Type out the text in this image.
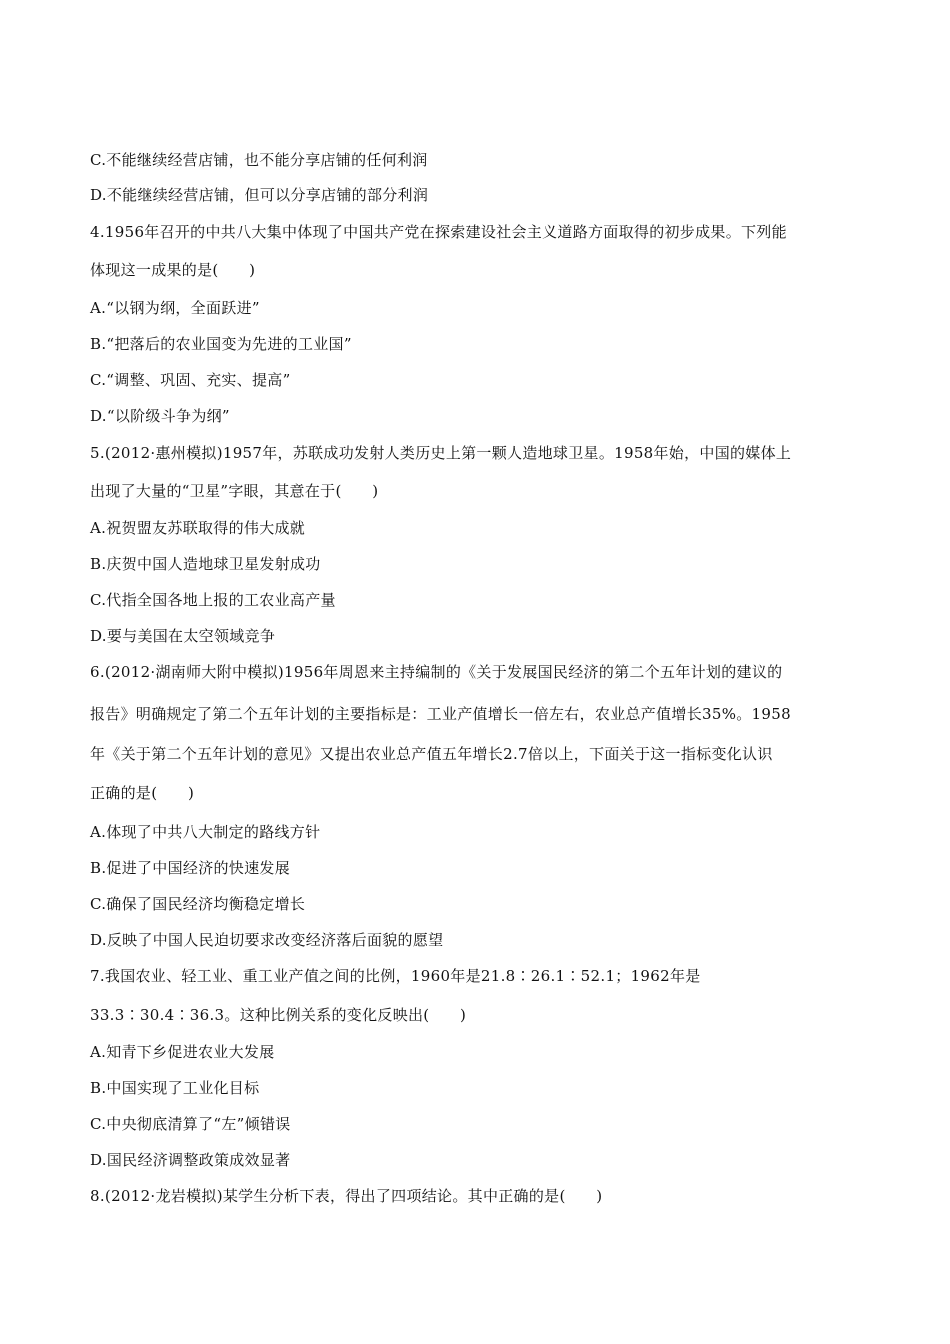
C.不能继续经营店铺，也不能分享店铺的任何利润
D.不能继续经营店铺，但可以分享店铺的部分利润
4.1956年召开的中共八大集中体现了中国共产党在探索建设社会主义道路方面取得的初步成果。下列能
体现这一成果的是(　　)
A.“以钢为纲，全面跃进”
B.“把落后的农业国变为先进的工业国”
C.“调整、巩固、充实、提高”
D.“以阶级斗争为纲”
5.(2012·惠州模拟)1957年，苏联成功发射人类历史上第一颗人造地球卫星。1958年始，中国的媒体上
出现了大量的“卫星”字眼，其意在于(　　)
A.祝贺盟友苏联取得的伟大成就
B.庆贺中国人造地球卫星发射成功
C.代指全国各地上报的工农业高产量
D.要与美国在太空领域竞争
6.(2012·湖南师大附中模拟)1956年周恩来主持编制的《关于发展国民经济的第二个五年计划的建议的
报告》明确规定了第二个五年计划的主要指标是：工业产值增长一倍左右，农业总产值增长35%。1958
年《关于第二个五年计划的意见》又提出农业总产值五年增长2.7倍以上，下面关于这一指标变化认识
正确的是(　　)
A.体现了中共八大制定的路线方针
B.促进了中国经济的快速发展
C.确保了国民经济均衡稳定增长
D.反映了中国人民迫切要求改变经济落后面貌的愿望
7.我国农业、轻工业、重工业产值之间的比例，1960年是21.8∶26.1∶52.1；1962年是
33.3∶30.4∶36.3。这种比例关系的变化反映出(　　)
A.知青下乡促进农业大发展
B.中国实现了工业化目标
C.中央彻底清算了“左”倾错误
D.国民经济调整政策成效显著
8.(2012·龙岩模拟)某学生分析下表，得出了四项结论。其中正确的是(　　)
